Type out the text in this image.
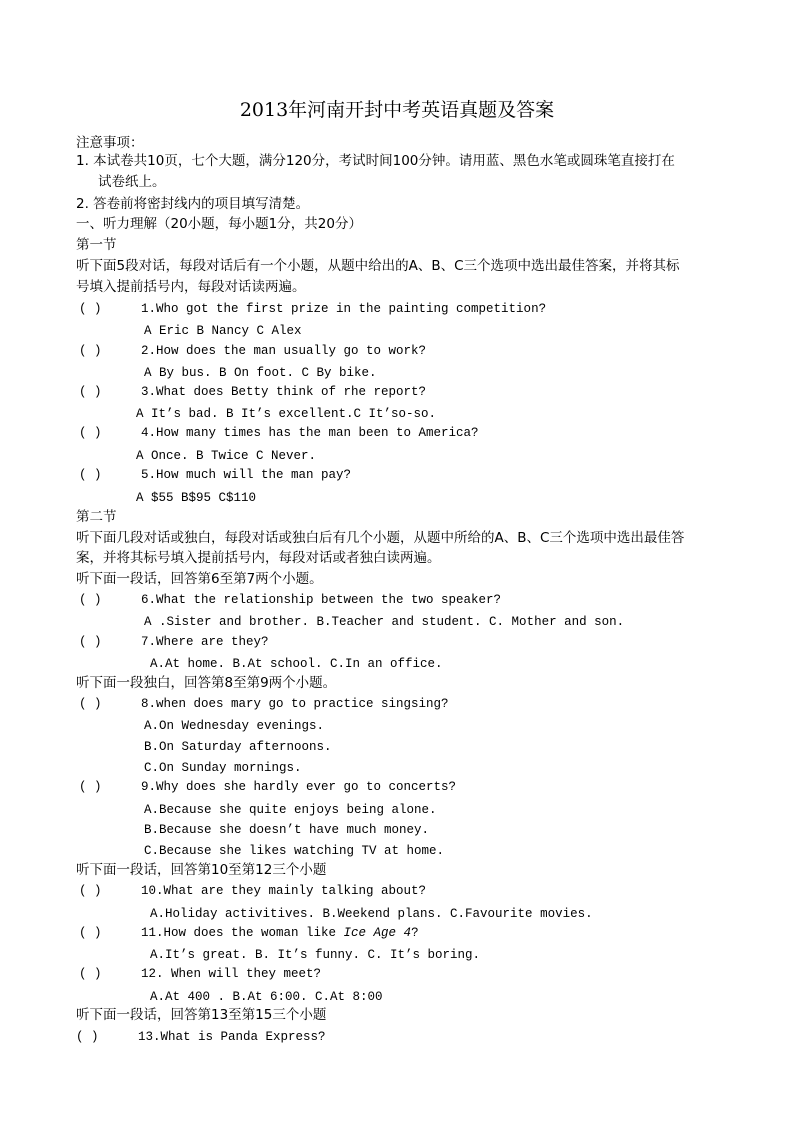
2013年河南开封中考英语真题及答案
注意事项：
1. 本试卷共10页，七个大题，满分120分，考试时间100分钟。请用蓝、黑色水笔或圆珠笔直接打在
试卷纸上。
2. 答卷前将密封线内的项目填写清楚。
一、听力理解（20小题，每小题1分，共20分）
第一节
听下面5段对话，每段对话后有一个小题，从题中给出的A、B、C三个选项中选出最佳答案，并将其标
号填入提前括号内，每段对话读两遍。
( )	1.Who got the first prize in the painting competition?
A Eric B Nancy C Alex
( )	2.How does the man usually go to work?
A By bus. B On foot. C By bike.
( )	3.What does Betty think of rhe report?
A It’s bad. B It’s excellent.C It’so-so.
( )	4.How many times has the man been to America?
A Once. B Twice C Never.
( )	5.How much will the man pay?
A $55 B$95 C$110
第二节
听下面几段对话或独白，每段对话或独白后有几个小题，从题中所给的A、B、C三个选项中选出最佳答
案，并将其标号填入提前括号内，每段对话或者独白读两遍。
听下面一段话，回答第6至第7两个小题。
( )	6.What the relationship between the two speaker?
A .Sister and brother. B.Teacher and student. C. Mother and son.
( )	7.Where are they?
A.At home. B.At school. C.In an office.
听下面一段独白，回答第8至第9两个小题。
( )	8.when does mary go to practice singsing?
A.On Wednesday evenings.
B.On Saturday afternoons.
C.On Sunday mornings.
( )	9.Why does she hardly ever go to concerts?
A.Because she quite enjoys being alone.
B.Because she doesn’t have much money.
C.Because she likes watching TV at home.
听下面一段话，回答第10至第12三个小题
( )	10.What are they mainly talking about?
A.Holiday activitives. B.Weekend plans. C.Favourite movies.
( )	11.How does the woman like Ice Age 4?
A.It’s great. B. It’s funny. C. It’s boring.
( )	12. When will they meet?
A.At 400 . B.At 6:00. C.At 8:00
听下面一段话，回答第13至第15三个小题
( )	13.What is Panda Express?
